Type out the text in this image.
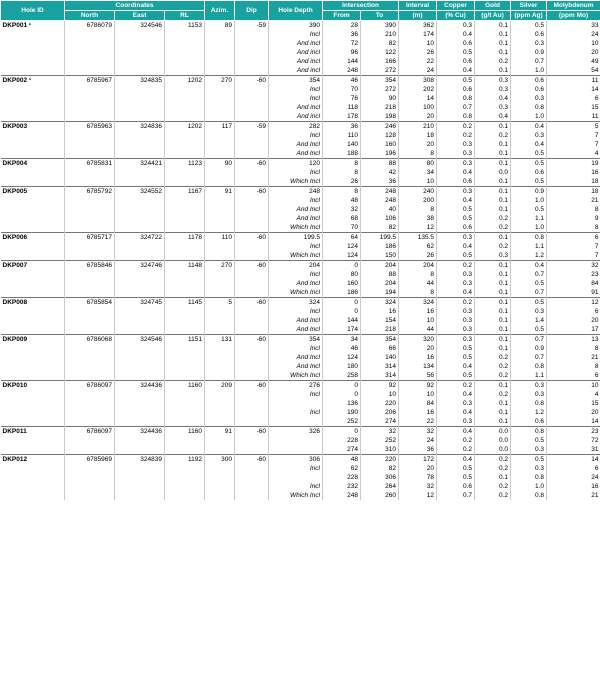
Hole ID	Coordinates			Azim.	Dip	Hole Depth	Intersection		Interval	Copper	Gold	Silver	Molybdenum
	North	East	RL				From	To	(m)	(% Cu)	(g/t Au)	(ppm Ag)	(ppm Mo)
DKP001 ¹	6786079	324546	1153	89	-59	390	28	390	362	0.3	0.1	0.5	33
						Incl	36	210	174	0.4	0.1	0.6	24
						And incl	72	82	10	0.6	0.1	0.3	10
						And incl	96	122	26	0.5	0.1	0.9	20
						And incl	144	166	22	0.6	0.2	0.7	49
						And incl	248	272	24	0.4	0.1	1.0	54
DKP002 ¹	6785967	324835	1202	270	-60	354	46	354	308	0.5	0.3	0.6	11
						Incl	70	272	202	0.6	0.3	0.6	14
						Incl	76	90	14	0.8	0.4	0.3	6
						And incl	118	218	100	0.7	0.3	0.8	15
						And incl	178	198	20	0.8	0.4	1.0	11
DKP003	6785963	324836	1202	117	-59	282	36	246	210	0.2	0.1	0.4	5
						Incl	110	128	18	0.2	0.2	0.3	7
						And Incl	140	160	20	0.3	0.1	0.4	7
						And Incl	188	196	8	0.3	0.1	0.5	4
DKP004	6785831	324421	1123	90	-60	120	8	88	80	0.3	0.1	0.5	19
						Incl	8	42	34	0.4	0.0	0.6	16
						Which Incl	26	36	10	0.6	0.1	0.5	18
DKP005	6785792	324552	1167	91	-60	248	8	248	240	0.3	0.1	0.9	18
						Incl	48	248	200	0.4	0.1	1.0	21
						And Incl	32	40	8	0.5	0.1	0.5	8
						And Incl	68	106	38	0.5	0.2	1.1	9
						Which Incl	70	82	12	0.6	0.2	1.0	8
DKP006	6785717	324722	1178	110	-60	199.5	64	199.5	135.5	0.3	0.1	0.8	6
						Incl	124	186	62	0.4	0.2	1.1	7
						Which Incl	124	150	26	0.5	0.3	1.2	7
DKP007	6785846	324746	1148	270	-60	204	0	204	204	0.2	0.1	0.4	32
						Incl	80	88	8	0.3	0.1	0.7	23
						And Incl	160	204	44	0.3	0.1	0.5	84
						Which Incl	186	194	8	0.4	0.1	0.7	91
DKP008	6785854	324745	1145	5	-60	324	0	324	324	0.2	0.1	0.5	12
						Incl	0	16	16	0.3	0.1	0.3	6
						And Incl	144	154	10	0.3	0.1	1.4	20
						And Incl	174	218	44	0.3	0.1	0.5	17
DKP009	6786068	324546	1151	131	-60	354	34	354	320	0.3	0.1	0.7	13
						Incl	46	66	20	0.5	0.1	0.9	8
						And Incl	124	140	16	0.5	0.2	0.7	21
						And Incl	180	314	134	0.4	0.2	0.8	8
						Which Incl	258	314	56	0.5	0.2	1.1	6
DKP010	6786097	324436	1160	209	-60	276	0	92	92	0.2	0.1	0.3	10
						Incl	0	10	10	0.4	0.2	0.3	4
							136	220	84	0.3	0.1	0.8	15
						Incl	190	206	16	0.4	0.1	1.2	20
							252	274	22	0.3	0.1	0.6	14
DKP011	6786097	324436	1160	91	-60	326	0	32	32	0.4	0.0	0.8	23
							228	252	24	0.2	0.0	0.5	72
							274	310	36	0.2	0.0	0.3	31
DKP012	6785969	324839	1192	300	-60	306	48	220	172	0.4	0.2	0.5	14
						Incl	62	82	20	0.5	0.2	0.3	6
							228	306	78	0.5	0.1	0.8	24
						Incl	232	264	32	0.6	0.2	1.0	16
						Which Incl	248	260	12	0.7	0.2	0.8	21
